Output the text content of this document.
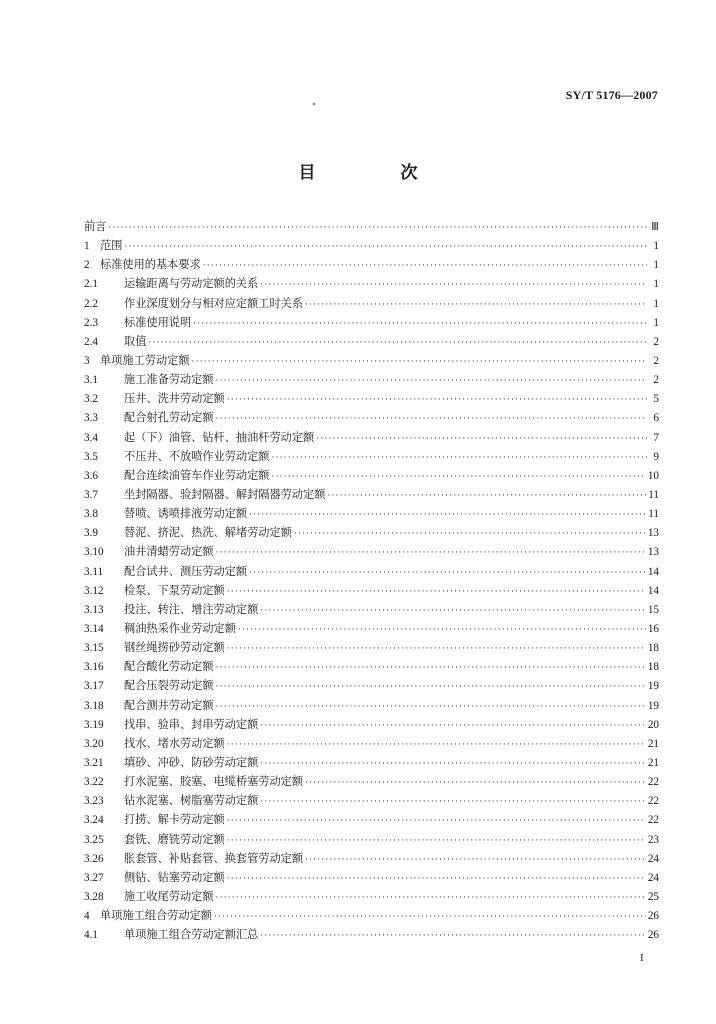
SY/T 5176—2007
目　次
前言 ·····	Ⅲ
1 范围 ·····	1
2 标准使用的基本要求 ·····	1
2.1	运输距离与劳动定额的关系 ·····	1
2.2	作业深度划分与相对应定额工时关系 ·····	1
2.3	标准使用说明 ·····	1
2.4	取值 ·····	2
3 单项施工劳动定额 ·····	2
3.1	施工准备劳动定额 ·····	2
3.2	压井、洗井劳动定额 ·····	5
3.3	配合射孔劳动定额 ·····	6
3.4	起（下）油管、钻杆、抽油杆劳动定额 ·····	7
3.5	不压井、不放喷作业劳动定额 ·····	9
3.6	配合连续油管车作业劳动定额 ·····	10
3.7	坐封隔器、验封隔器、解封隔器劳动定额 ·····	11
3.8	替喷、诱喷排液劳动定额 ·····	11
3.9	替泥、挤泥、热洗、解堵劳动定额 ·····	13
3.10	油井清蜡劳动定额 ·····	13
3.11	配合试井、测压劳动定额 ·····	14
3.12	检泵、下泵劳动定额 ·····	14
3.13	投注、转注、增注劳动定额 ·····	15
3.14	稠油热采作业劳动定额 ·····	16
3.15	钢丝绳捞砂劳动定额 ·····	18
3.16	配合酸化劳动定额 ·····	18
3.17	配合压裂劳动定额 ·····	19
3.18	配合测井劳动定额 ·····	19
3.19	找串、验串、封串劳动定额 ·····	20
3.20	找水、堵水劳动定额 ·····	21
3.21	填砂、冲砂、防砂劳动定额 ·····	21
3.22	打水泥塞、胶塞、电缆桥塞劳动定额 ·····	22
3.23	钻水泥塞、树脂塞劳动定额 ·····	22
3.24	打捞、解卡劳动定额 ·····	22
3.25	套铣、磨铣劳动定额 ·····	23
3.26	胀套管、补贴套管、换套管劳动定额 ·····	24
3.27	侧钻、钻塞劳动定额 ·····	24
3.28	施工收尾劳动定额 ·····	25
4 单项施工组合劳动定额 ·····	26
4.1	单项施工组合劳动定额汇总 ·····	26
I
